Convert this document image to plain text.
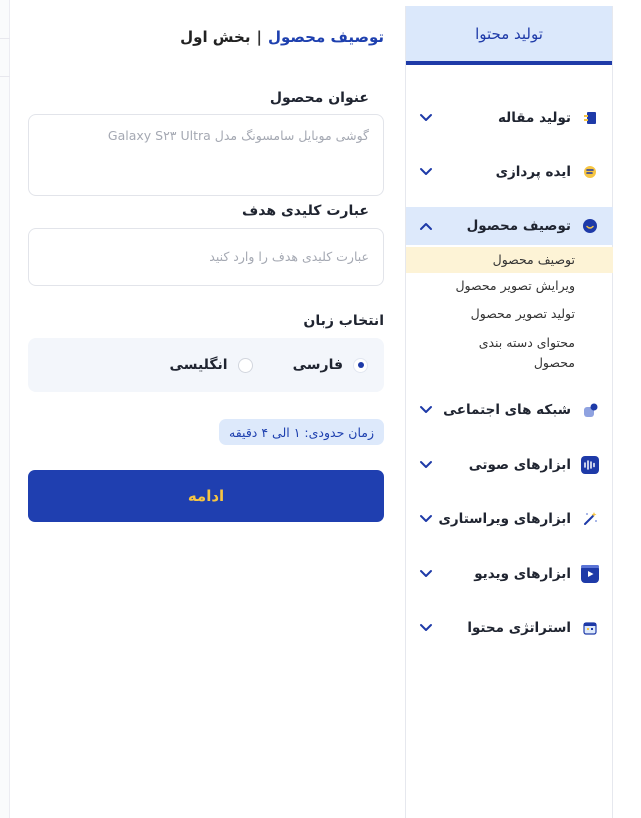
توصیف محصول
|
بخش اول
عنوان محصول
گوشی موبایل سامسونگ مدل Galaxy S۲۳ Ultra
عبارت کلیدی هدف
عبارت کلیدی هدف را وارد کنید
انتخاب زبان
فارسی
انگلیسی
زمان حدودی: ۱ الی ۴ دقیقه
ادامه
تولید محتوا
تولید مقاله
ایده پردازی
توصیف محصول
توصیف محصول
ویرایش تصویر محصول
تولید تصویر محصول
محتوای دسته بندی محصول
شبکه های اجتماعی
ابزارهای صوتی
ابزارهای ویراستاری
ابزارهای ویدیو
استراتژی محتوا
